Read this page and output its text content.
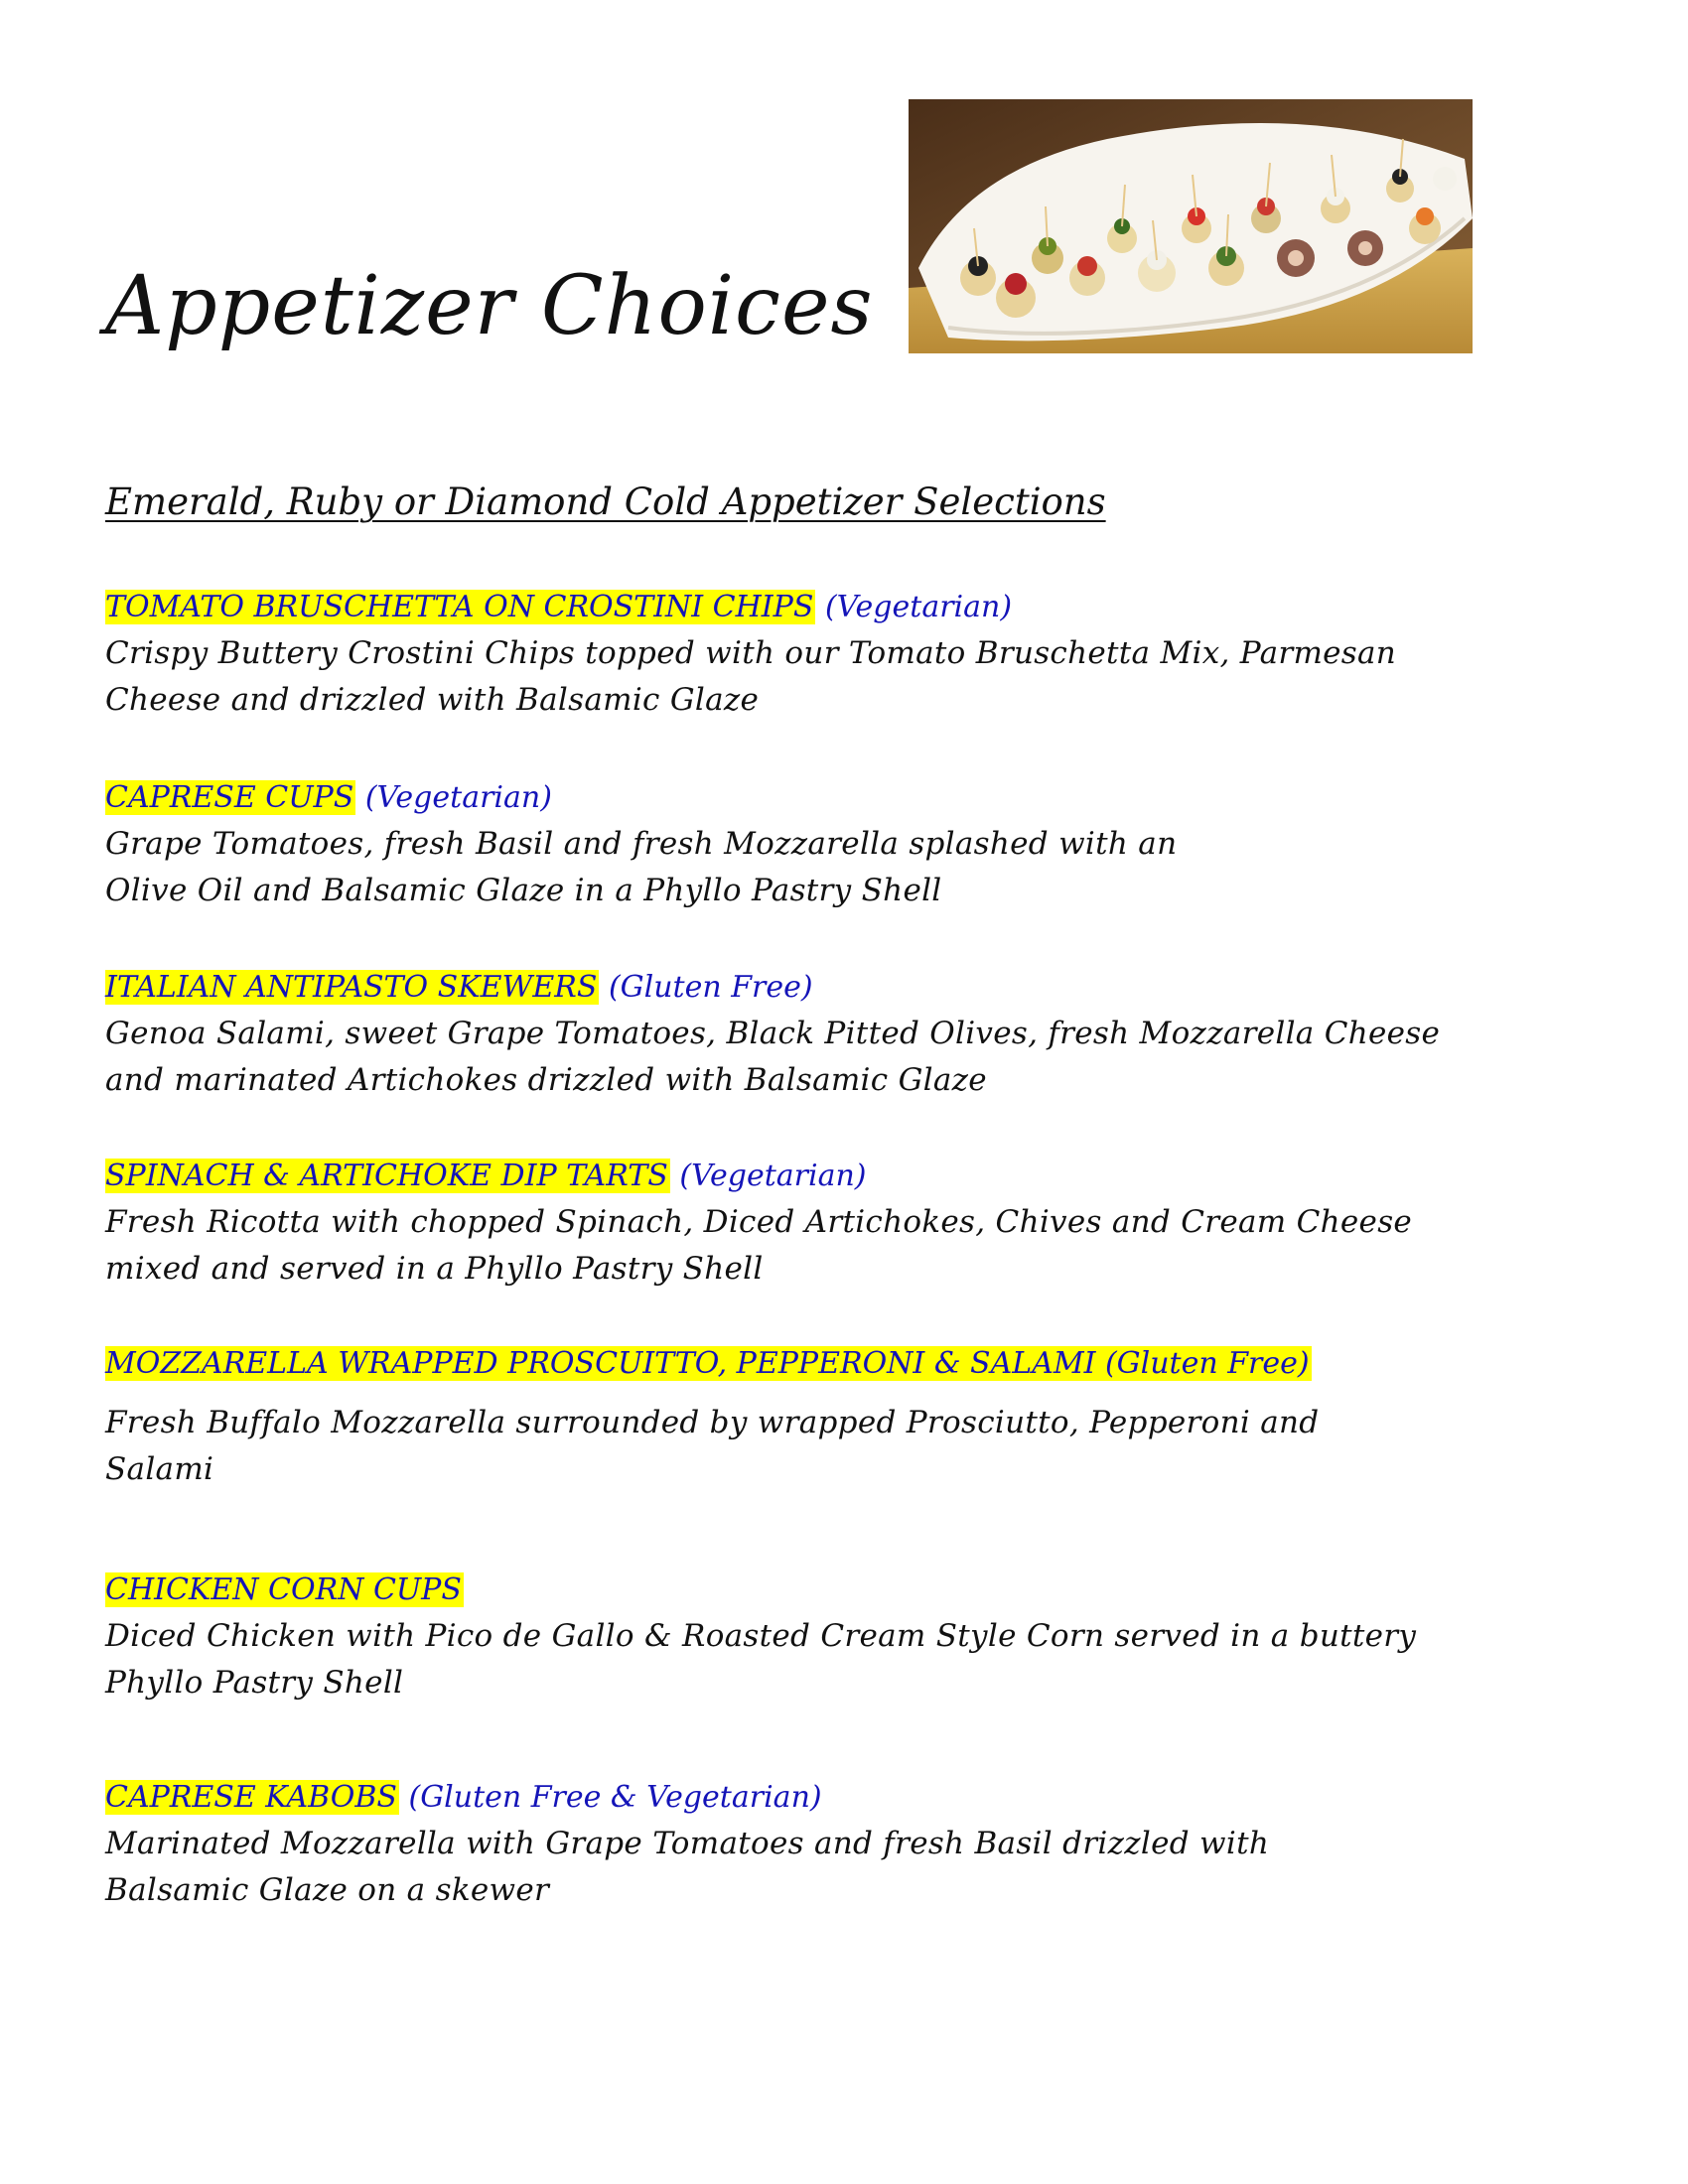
Appetizer Choices
Emerald, Ruby or Diamond Cold Appetizer Selections
TOMATO BRUSCHETTA ON CROSTINI CHIPS (Vegetarian)
Crispy Buttery Crostini Chips topped with our Tomato Bruschetta Mix, Parmesan
Cheese and drizzled with Balsamic Glaze
CAPRESE CUPS (Vegetarian)
Grape Tomatoes, fresh Basil and fresh Mozzarella splashed with an
Olive Oil and Balsamic Glaze in a Phyllo Pastry Shell
ITALIAN ANTIPASTO SKEWERS (Gluten Free)
Genoa Salami, sweet Grape Tomatoes, Black Pitted Olives, fresh Mozzarella Cheese
and marinated Artichokes drizzled with Balsamic Glaze
SPINACH & ARTICHOKE DIP TARTS (Vegetarian)
Fresh Ricotta with chopped Spinach, Diced Artichokes, Chives and Cream Cheese
mixed and served in a Phyllo Pastry Shell
MOZZARELLA WRAPPED PROSCUITTO, PEPPERONI & SALAMI (Gluten Free)
Fresh Buffalo Mozzarella surrounded by wrapped Prosciutto, Pepperoni and
Salami
CHICKEN CORN CUPS
Diced Chicken with Pico de Gallo & Roasted Cream Style Corn served in a buttery
Phyllo Pastry Shell
CAPRESE KABOBS (Gluten Free & Vegetarian)
Marinated Mozzarella with Grape Tomatoes and fresh Basil drizzled with
Balsamic Glaze on a skewer
